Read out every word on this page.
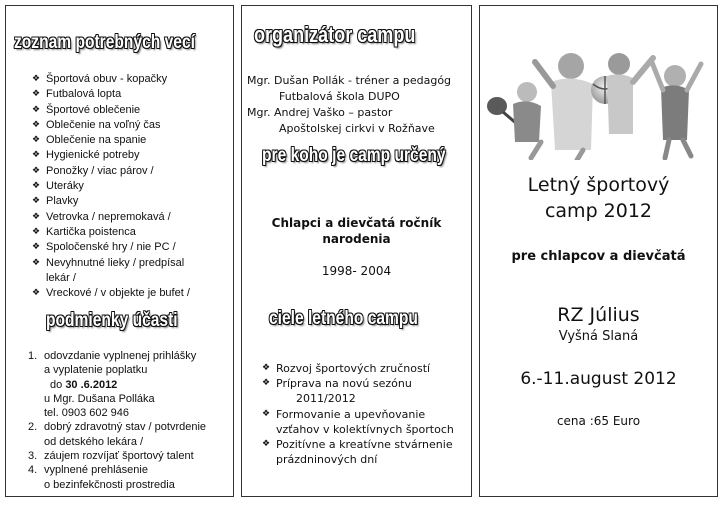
zoznam potrebných vecí
❖ Športová obuv - kopačky
❖ Futbalová lopta
❖ Športové oblečenie
❖ Oblečenie na voľný čas
❖ Oblečenie na spanie
❖ Hygienické potreby
❖ Ponožky / viac párov /
❖ Uteráky
❖ Plavky
❖ Vetrovka / nepremokavá /
❖ Kartička poistenca
❖ Spoločenské hry / nie PC /
❖ Nevyhnutné lieky / predpísal
lekár /
❖ Vreckové / v objekte je bufet /
podmienky účasti
1. odovzdanie vyplnenej prihlášky
a vyplatenie poplatku
do 30 .6.2012
u Mgr. Dušana Polláka
tel. 0903 602 946
2. dobrý zdravotný stav / potvrdenie
od detského lekára /
3. záujem rozvíjať športový talent
4. vyplnené prehlásenie
o bezinfekčnosti prostredia
organizátor campu
Mgr. Dušan Pollák - tréner a pedagóg
Futbalová škola DUPO
Mgr. Andrej Vaško – pastor
Apoštolskej cirkvi v Rožňave
pre koho je camp určený
Chlapci a dievčatá ročník
narodenia
1998- 2004
ciele letného campu
❖ Rozvoj športových zručností
❖ Príprava na novú sezónu
2011/2012
❖ Formovanie a upevňovanie
vzťahov v kolektívnych športoch
❖ Pozitívne a kreatívne stvárnenie
prázdninových dní
Letný športový
camp 2012
pre chlapcov a dievčatá
RZ Július
Vyšná Slaná
6.-11.august 2012
cena :65 Euro
